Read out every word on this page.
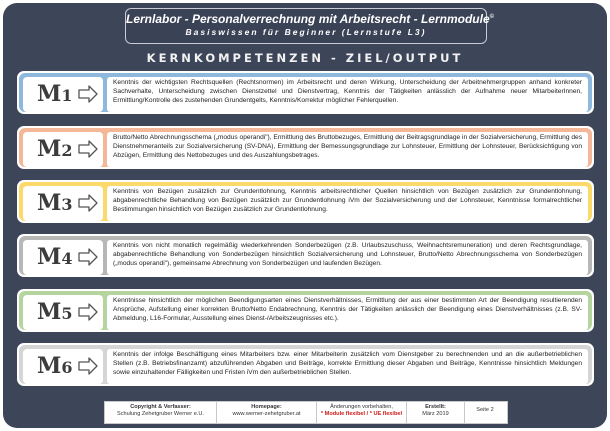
Lernlabor - Personalverrechnung mit Arbeitsrecht - Lernmodule©
Basiswissen für Beginner (Lernstufe L3)
KERNKOMPETENZEN - ZIEL/OUTPUT
M1
Kenntnis der wichtigsten Rechtsquellen (Rechtsnormen) im Arbeitsrecht und deren Wirkung, Unterscheidung der Arbeitnehmergruppen anhand konkreter Sachverhalte, Unterscheidung zwischen Dienstzettel und Dienstvertrag, Kenntnis der Tätigkeiten anlässlich der Aufnahme neuer MitarbeiterInnen, Ermittlung/Kontrolle des zustehenden Grundentgelts, Kenntnis/Korrektur möglicher Fehlerquellen.
M2
Brutto/Netto Abrechnungsschema („modus operandi"), Ermittlung des Bruttobezuges, Ermittlung der Beitragsgrundlage in der Sozialversicherung, Ermittlung des Dienstnehmeranteils zur Sozialversicherung (SV-DNA), Ermittlung der Bemessungsgrundlage zur Lohnsteuer, Ermittlung der Lohnsteuer, Berücksichtigung von Abzügen, Ermittlung des Nettobezuges und des Auszahlungsbetrages.
M3
Kenntnis von Bezügen zusätzlich zur Grundentlohnung, Kenntnis arbeitsrechtlicher Quellen hinsichtlich von Bezügen zusätzlich zur Grundentlohnung, abgabenrechtliche Behandlung von Bezügen zusätzlich zur Grundentlohnung iVm der Sozialversicherung und der Lohnsteuer, Kenntnisse formalrechtlicher Bestimmungen hinsichtlich von Bezügen zusätzlich zur Grundentlohnung.
M4
Kenntnis von nicht monatlich regelmäßig wiederkehrenden Sonderbezügen (z.B. Urlaubszuschuss, Weihnachtsremuneration) und deren Rechtsgrundlage, abgabenrechtliche Behandlung von Sonderbezügen hinsichtlich Sozialversicherung und Lohnsteuer, Brutto/Netto Abrechnungsschema von Sonderbezügen („modus operandi"), gemeinsame Abrechnung von Sonderbezügen und laufenden Bezügen.
M5
Kenntnisse hinsichtlich der möglichen Beendigungsarten eines Dienstverhältnisses, Ermittlung der aus einer bestimmten Art der Beendigung resultierenden Ansprüche, Aufstellung einer korrekten Brutto/Netto Endabrechnung, Kenntnis der Tätigkeiten anlässlich der Beendigung eines Dienstverhältnisses (z.B. SV-Abmeldung, L16-Formular, Ausstellung eines Dienst-/Arbeitszeugnisses etc.).
M6
Kenntnis der infolge Beschäftigung eines Mitarbeiters bzw. einer Mitarbeiterin zusätzlich vom Dienstgeber zu berechnenden und an die außerbetrieblichen Stellen (z.B. Betriebsfinanzamt) abzuführenden Abgaben und Beiträge, korrekte Ermittlung dieser Abgaben und Beiträge, Kenntnisse hinsichtlich Meldungen sowie einzuhaltender Fälligkeiten und Fristen iVm den außerbetrieblichen Stellen.
Copyright & Verfasser:
Schulung Zehetgruber Werner e.U.
Homepage:
www.werner-zehetgruber.at
Änderungen vorbehalten,
* Module flexibel / * UE flexibel
Erstellt:
März 2019
Seite 2
